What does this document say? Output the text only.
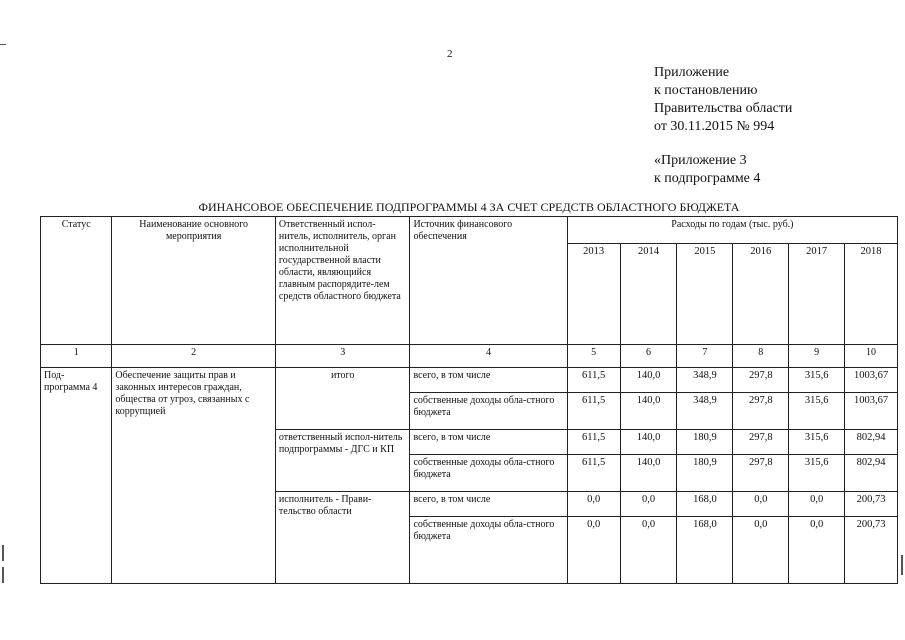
2
Приложение
к постановлению
Правительства области
от 30.11.2015 № 994
«Приложение 3
к подпрограмме 4
ФИНАНСОВОЕ ОБЕСПЕЧЕНИЕ ПОДПРОГРАММЫ 4 ЗА СЧЕТ СРЕДСТВ ОБЛАСТНОГО БЮДЖЕТА
Статус	Наименование основного мероприятия	Ответственный испол-нитель, исполнитель, орган исполнительной государственной власти области, являющийся главным распорядите-лем средств областного бюджета	Источник финансового обеспечения	Расходы по годам (тыс. руб.)					
				2013	2014	2015	2016	2017	2018
1	2	3	4	5	6	7	8	9	10
Под-программа 4	Обеспечение защиты прав и законных интересов граждан, общества от угроз, связанных с коррупцией	итого	всего, в том числе	611,5	140,0	348,9	297,8	315,6	1003,67
			собственные доходы обла-стного бюджета	611,5	140,0	348,9	297,8	315,6	1003,67
		ответственный испол-нитель подпрограммы - ДГС и КП	всего, в том числе	611,5	140,0	180,9	297,8	315,6	802,94
			собственные доходы обла-стного бюджета	611,5	140,0	180,9	297,8	315,6	802,94
		исполнитель - Прави-тельство области	всего, в том числе	0,0	0,0	168,0	0,0	0,0	200,73
			собственные доходы обла-стного бюджета	0,0	0,0	168,0	0,0	0,0	200,73
